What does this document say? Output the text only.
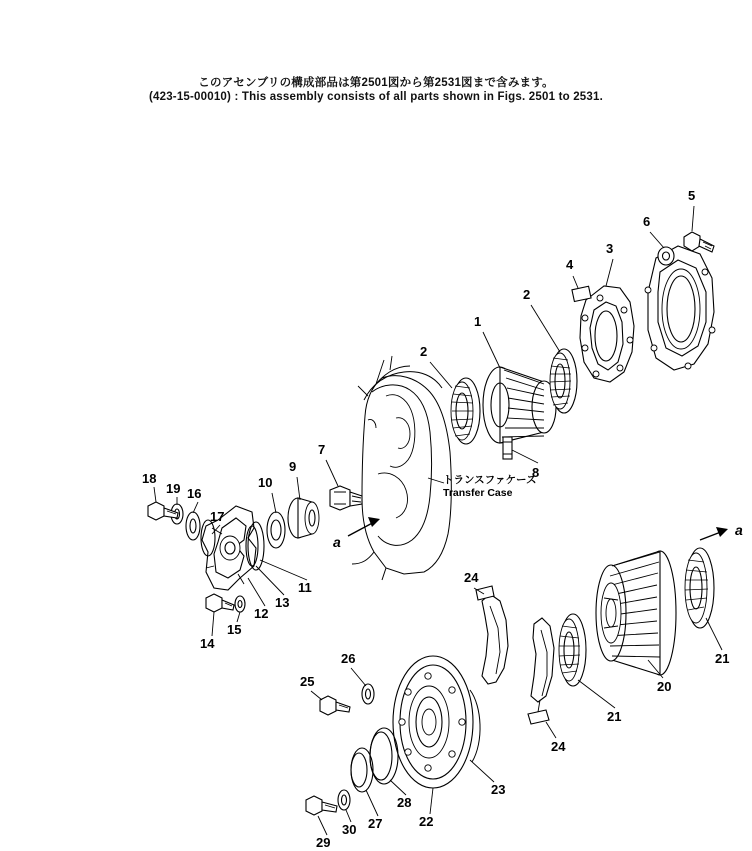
このアセンブリの構成部品は第2501図から第2531図まで含みます。
(423-15-00010) : This assembly consists of all parts shown in Figs. 2501 to 2531.
トランスファケース
Transfer Case
1
2
2
3
4
5
6
7
8
9
10
11
12
13
14
15
16
17
18
19
20
21
21
22
23
24
24
25
26
27
28
29
30
a
a
